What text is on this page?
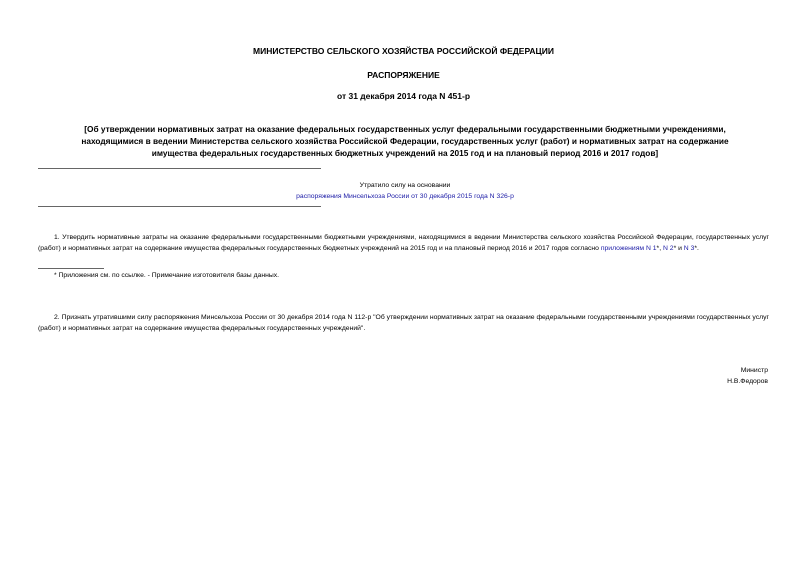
МИНИСТЕРСТВО СЕЛЬСКОГО ХОЗЯЙСТВА РОССИЙСКОЙ ФЕДЕРАЦИИ
РАСПОРЯЖЕНИЕ
от 31 декабря 2014 года N 451-р
[Об утверждении нормативных затрат на оказание федеральных государственных услуг федеральными государственными бюджетными учреждениями, находящимися в ведении Министерства сельского хозяйства Российской Федерации, государственных услуг (работ) и нормативных затрат на содержание имущества федеральных государственных бюджетных учреждений на 2015 год и на плановый период 2016 и 2017 годов]
Утратило силу на основании
распоряжения Минсельхоза России от 30 декабря 2015 года N 326-р
1. Утвердить нормативные затраты на оказание федеральными государственными бюджетными учреждениями, находящимися в ведении Министерства сельского хозяйства Российской Федерации, государственных услуг (работ) и нормативных затрат на содержание имущества федеральных государственных бюджетных учреждений на 2015 год и на плановый период 2016 и 2017 годов согласно приложениям N 1*, N 2* и N 3*.
* Приложения см. по ссылке. - Примечание изготовителя базы данных.
2. Признать утратившими силу распоряжения Минсельхоза России от 30 декабря 2014 года N 112-р "Об утверждении нормативных затрат на оказание федеральными государственными учреждениями государственных услуг (работ) и нормативных затрат на содержание имущества федеральных государственных учреждений".
Министр
Н.В.Федоров
